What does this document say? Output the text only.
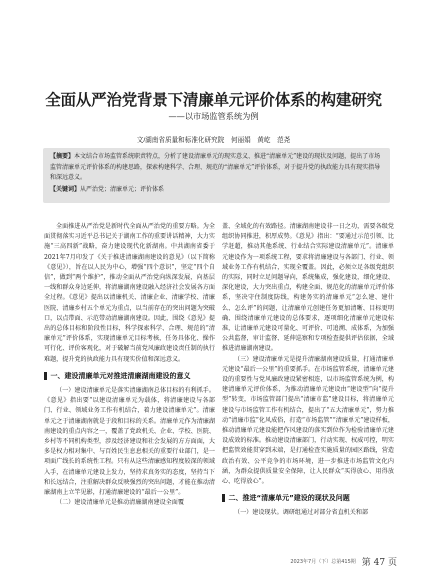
全面从严治党背景下清廉单元评价体系的构建研究
——以市场监管系统为例
文/湖南省质量和标准化研究院　何丽娟　黄屹　范尧
【摘要】本文结合市场监管系统职责特点，分析了建设清廉单元的现实意义、推进“清廉单元”建设的现状及问题，提出了市场监管清廉单元评价体系的构建思路，探索构建科学、合理、规范的“清廉单元”评价体系，对于提升党的执政能力具有现实指导和深远意义。
【关键词】从严治党；清廉单元；评价体系

全面推进从严治党是新时代全面从严治党的重要方略。为全面贯彻落实习近平总书记关于湖南工作的重要讲话精神，大力实施“三高四新”战略，奋力建设现代化新湖南。中共湖南省委于2021年7月印发了《关于推进清廉湖南建设的意见》（以下简称《意见》），旨在以人民为中心，增强“四个意识”，坚定“四个自信”，做到“两个维护”，推动全面从严治党向纵深发展，向基层一线和群众身边延伸，将清廉湖南建设融入经济社会发展各方面全过程。《意见》提出以清廉机关、清廉企业、清廉学校、清廉医院、清廉乡村五个单元为重点，以当前存在的突出问题为突破口，以点带面、示范带动清廉湖南建设。因此，围绕《意见》提出的总体目标和阶段性目标，科学探索科学、合理、规范的“清廉单元”评价体系，实现清廉单元目标考核，任务具体化、操作可行化、评价客观化，对于破解当前党风廉政建设责任制的执行难题，提升党的执政能力具有现实价值和深远意义。

一、建设清廉单元对推进清廉湖南建设的意义

（一）建设清廉单元是落实清廉湖南总体目标的有利抓手。《意见》指出要“以建设清廉单元为载体，将清廉建设与各部门、行业、领域业务工作有机结合，着力建设清廉单元”。清廉单元之于清廉湖南就是于段和目标的关系。清廉单元作为清廉湖南建设的重点内容之一，覆盖了党政机关、企业、学校、医院、乡村等不同机构类型，涉及经济建设和社会发展的方方面面，大多是权力相对集中、与百姓民生息息相关的重要行业部门，是一项面广线长的系统性工程。只有从这些清廉感知程度较深的领域入手，在清廉单元建设上发力，坚持求真务实的态度，坚持当下和长远结合，注重解决群众反映强烈的突出问题，才能在推动清廉湖南上立竿见影，打通清廉建设的“最后一公里”。

（二）建设清廉单元是推动清廉湖南建设全面覆

盖、全域化的有效路径。清廉湖南建设非一日之功，需要各级党组织协同推进，积厚成势。《意见》指出：“要通过示范引领、比学赶超，推动其他系统、行业结合实际建设清廉单元”。清廉单元建设作为一项系统工程，要求将清廉建设与各部门、行业、领域业务工作有机结合，实现全覆盖。因此，必须立足各级党组织的实际，同时立足问题导向，系统集成，强化建设，细化建设、深化建设，大力突出重点，构建全面、规范化的清廉单元评价体系，坚决守住制度防线，构建务实的清廉单元“怎么建、建什么、怎么评”的问题，让清廉单元创建任务更加清晰、目标更明确、围绕清廉单元建设的总体要求，逐项细化清廉单元建设标准，让清廉单元建设可量化、可评价、可追溯、成体系，为加强公共监督，审计监督、延伸巡察和专项检查提供评估依据，全域推进清廉湖南建设。

（三）建设清廉单元是提升清廉湖南建设质量，打通清廉单元建设“最后一公里”的重要抓手。在市场监管系统，清廉单元建设的重要性与党风廉政建设紧密相连，以市场监管系统为例，构建清廉单元评价体系，为推动清廉单元建设由“建设型”向“提升型”转变，市场监管部门提出“清廉市监”建设目标，将清廉单元建设与市场监管工作有机结合，提出了“五大清廉单元”，努力推动“清廉市监”化风成俗，打造“市场监管”“清廉单元”建设样板，推动清廉单元建设能把作风建设的落实到位作为检验清廉单元建设成效的标准。推动建设清廉部门，行动实现、权威可控，明实把监管效能贯穿到末端，是打通检查实施质量的园区路线，营造政治有效、公平竞争的市场环境，进一步推进市场监管文化内涵，为群众提供质量安全保障，让人民群众“买得放心、用得放心、吃得放心”。

二、推进“清廉单元”建设的现状及问题

（一）建设现状。调研组通过对部分省直机关和部

2023年7月（下）总第415期 第 47 页
